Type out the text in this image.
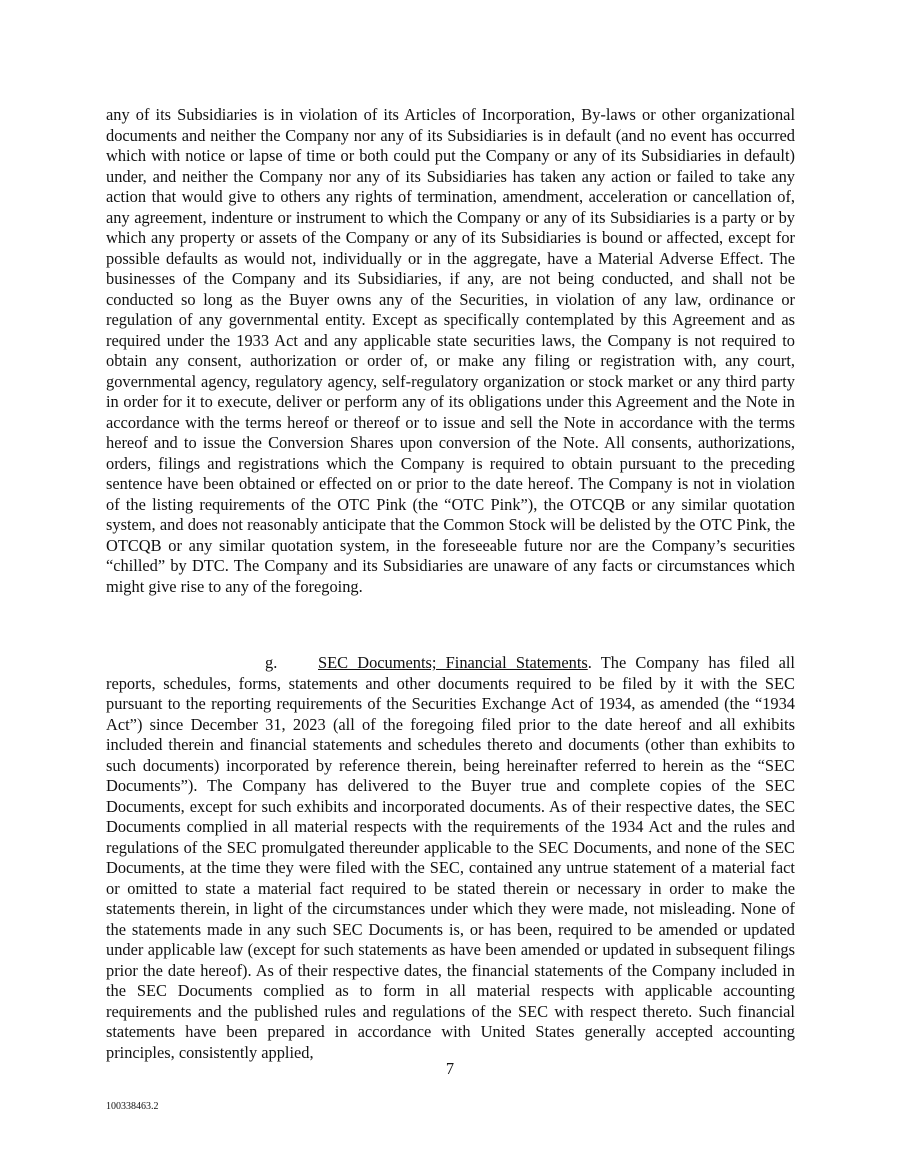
any of its Subsidiaries is in violation of its Articles of Incorporation, By-laws or other organizational documents and neither the Company nor any of its Subsidiaries is in default (and no event has occurred which with notice or lapse of time or both could put the Company or any of its Subsidiaries in default) under, and neither the Company nor any of its Subsidiaries has taken any action or failed to take any action that would give to others any rights of termination, amendment, acceleration or cancellation of, any agreement, indenture or instrument to which the Company or any of its Subsidiaries is a party or by which any property or assets of the Company or any of its Subsidiaries is bound or affected, except for possible defaults as would not, individually or in the aggregate, have a Material Adverse Effect. The businesses of the Company and its Subsidiaries, if any, are not being conducted, and shall not be conducted so long as the Buyer owns any of the Securities, in violation of any law, ordinance or regulation of any governmental entity. Except as specifically contemplated by this Agreement and as required under the 1933 Act and any applicable state securities laws, the Company is not required to obtain any consent, authorization or order of, or make any filing or registration with, any court, governmental agency, regulatory agency, self-regulatory organization or stock market or any third party in order for it to execute, deliver or perform any of its obligations under this Agreement and the Note in accordance with the terms hereof or thereof or to issue and sell the Note in accordance with the terms hereof and to issue the Conversion Shares upon conversion of the Note. All consents, authorizations, orders, filings and registrations which the Company is required to obtain pursuant to the preceding sentence have been obtained or effected on or prior to the date hereof. The Company is not in violation of the listing requirements of the OTC Pink (the “OTC Pink”), the OTCQB or any similar quotation system, and does not reasonably anticipate that the Common Stock will be delisted by the OTC Pink, the OTCQB or any similar quotation system, in the foreseeable future nor are the Company’s securities “chilled” by DTC. The Company and its Subsidiaries are unaware of any facts or circumstances which might give rise to any of the foregoing.

g. SEC Documents; Financial Statements. The Company has filed all reports, schedules, forms, statements and other documents required to be filed by it with the SEC pursuant to the reporting requirements of the Securities Exchange Act of 1934, as amended (the “1934 Act”) since December 31, 2023 (all of the foregoing filed prior to the date hereof and all exhibits included therein and financial statements and schedules thereto and documents (other than exhibits to such documents) incorporated by reference therein, being hereinafter referred to herein as the “SEC Documents”). The Company has delivered to the Buyer true and complete copies of the SEC Documents, except for such exhibits and incorporated documents. As of their respective dates, the SEC Documents complied in all material respects with the requirements of the 1934 Act and the rules and regulations of the SEC promulgated thereunder applicable to the SEC Documents, and none of the SEC Documents, at the time they were filed with the SEC, contained any untrue statement of a material fact or omitted to state a material fact required to be stated therein or necessary in order to make the statements therein, in light of the circumstances under which they were made, not misleading. None of the statements made in any such SEC Documents is, or has been, required to be amended or updated under applicable law (except for such statements as have been amended or updated in subsequent filings prior the date hereof). As of their respective dates, the financial statements of the Company included in the SEC Documents complied as to form in all material respects with applicable accounting requirements and the published rules and regulations of the SEC with respect thereto. Such financial statements have been prepared in accordance with United States generally accepted accounting principles, consistently applied,

7
100338463.2
